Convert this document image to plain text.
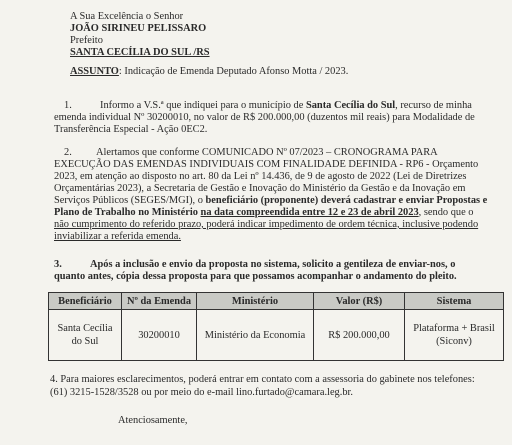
A Sua Excelência o Senhor
JOÃO SIRINEU PELISSARO
Prefeito
SANTA CECÍLIA DO SUL /RS
ASSUNTO: Indicação de Emenda Deputado Afonso Motta / 2023.
1.	Informo a V.S.ª que indiquei para o município de Santa Cecília do Sul, recurso de minha
emenda individual Nº 30200010, no valor de R$ 200.000,00 (duzentos mil reais) para Modalidade de
Transferência Especial - Ação 0EC2.
2. Alertamos que conforme COMUNICADO Nº 07/2023 – CRONOGRAMA PARA
EXECUÇÃO DAS EMENDAS INDIVIDUAIS COM FINALIDADE DEFINIDA - RP6 - Orçamento
2023, em atenção ao disposto no art. 80 da Lei nº 14.436, de 9 de agosto de 2022 (Lei de Diretrizes
Orçamentárias 2023), a Secretaria de Gestão e Inovação do Ministério da Gestão e da Inovação em
Serviços Públicos (SEGES/MGI), o beneficiário (proponente) deverá cadastrar e enviar Propostas e
Plano de Trabalho no Ministério na data compreendida entre 12 e 23 de abril 2023, sendo que o
não cumprimento do referido prazo, poderá indicar impedimento de ordem técnica, inclusive podendo
inviabilizar a referida emenda.
3.	Após a inclusão e envio da proposta no sistema, solicito a gentileza de enviar-nos, o
quanto antes, cópia dessa proposta para que possamos acompanhar o andamento do pleito.
Beneficiário	Nº da Emenda	Ministério	Valor (R$)	Sistema
Santa Cecília
do Sul	30200010	Ministério da Economia	R$ 200.000,00	Plataforma + Brasil
(Siconv)
4. Para maiores esclarecimentos, poderá entrar em contato com a assessoria do gabinete nos telefones:
(61) 3215-1528/3528 ou por meio do e-mail lino.furtado@camara.leg.br.
Atenciosamente,
